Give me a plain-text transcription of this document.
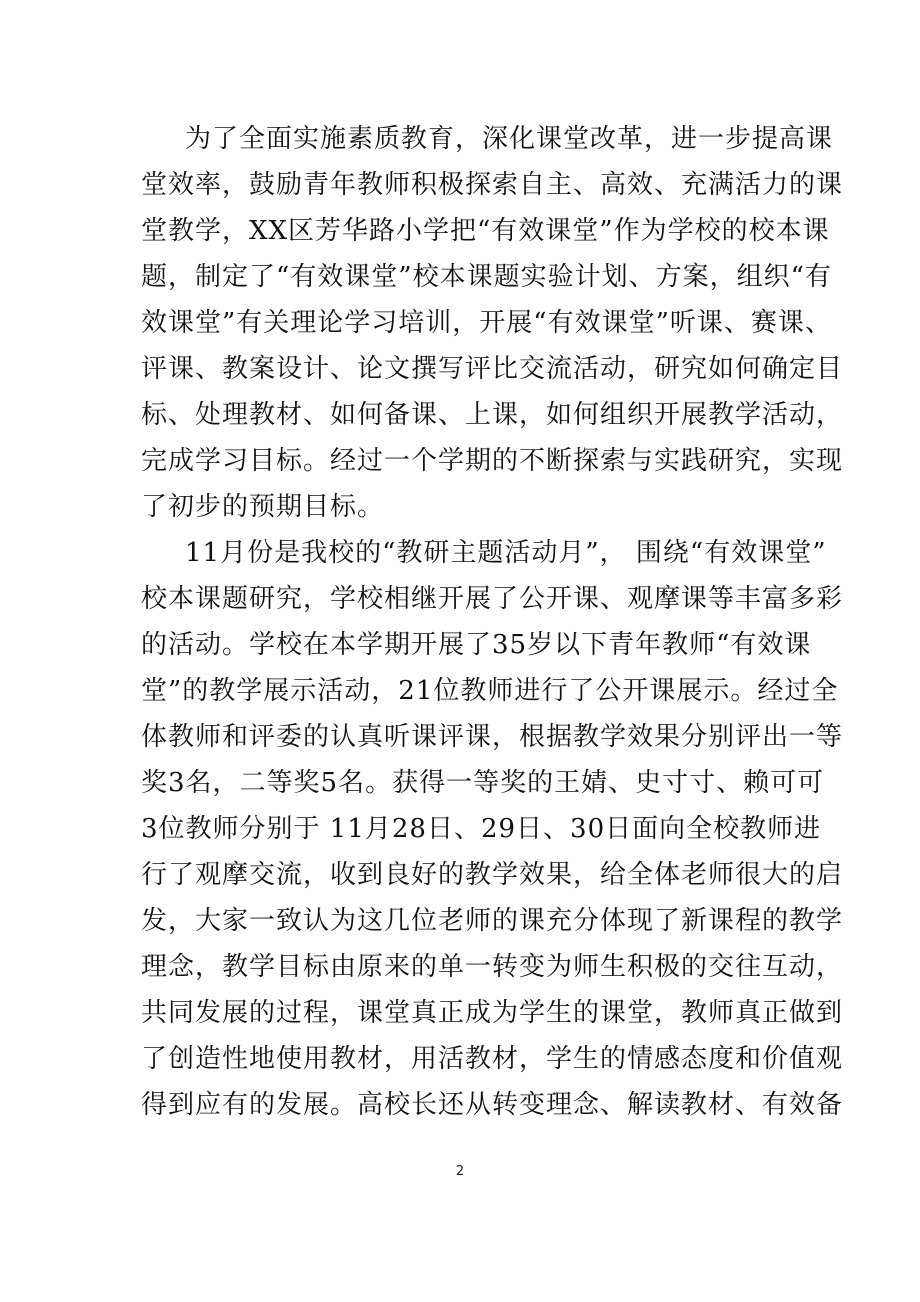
为了全面实施素质教育，深化课堂改革，进一步提高课
堂效率，鼓励青年教师积极探索自主、高效、充满活力的课
堂教学，XX区芳华路小学把“有效课堂”作为学校的校本课
题，制定了“有效课堂”校本课题实验计划、方案，组织“有
效课堂”有关理论学习培训，开展“有效课堂”听课、赛课、
评课、教案设计、论文撰写评比交流活动，研究如何确定目
标、处理教材、如何备课、上课，如何组织开展教学活动，
完成学习目标。经过一个学期的不断探索与实践研究，实现
了初步的预期目标。
11月份是我校的“教研主题活动月”， 围绕“有效课堂”
校本课题研究，学校相继开展了公开课、观摩课等丰富多彩
的活动。学校在本学期开展了35岁以下青年教师“有效课
堂”的教学展示活动，21位教师进行了公开课展示。经过全
体教师和评委的认真听课评课，根据教学效果分别评出一等
奖3名，二等奖5名。获得一等奖的王婧、史寸寸、赖可可
3位教师分别于 11月28日、29日、30日面向全校教师进
行了观摩交流，收到良好的教学效果，给全体老师很大的启
发，大家一致认为这几位老师的课充分体现了新课程的教学
理念，教学目标由原来的单一转变为师生积极的交往互动，
共同发展的过程，课堂真正成为学生的课堂，教师真正做到
了创造性地使用教材，用活教材，学生的情感态度和价值观
得到应有的发展。高校长还从转变理念、解读教材、有效备
2
